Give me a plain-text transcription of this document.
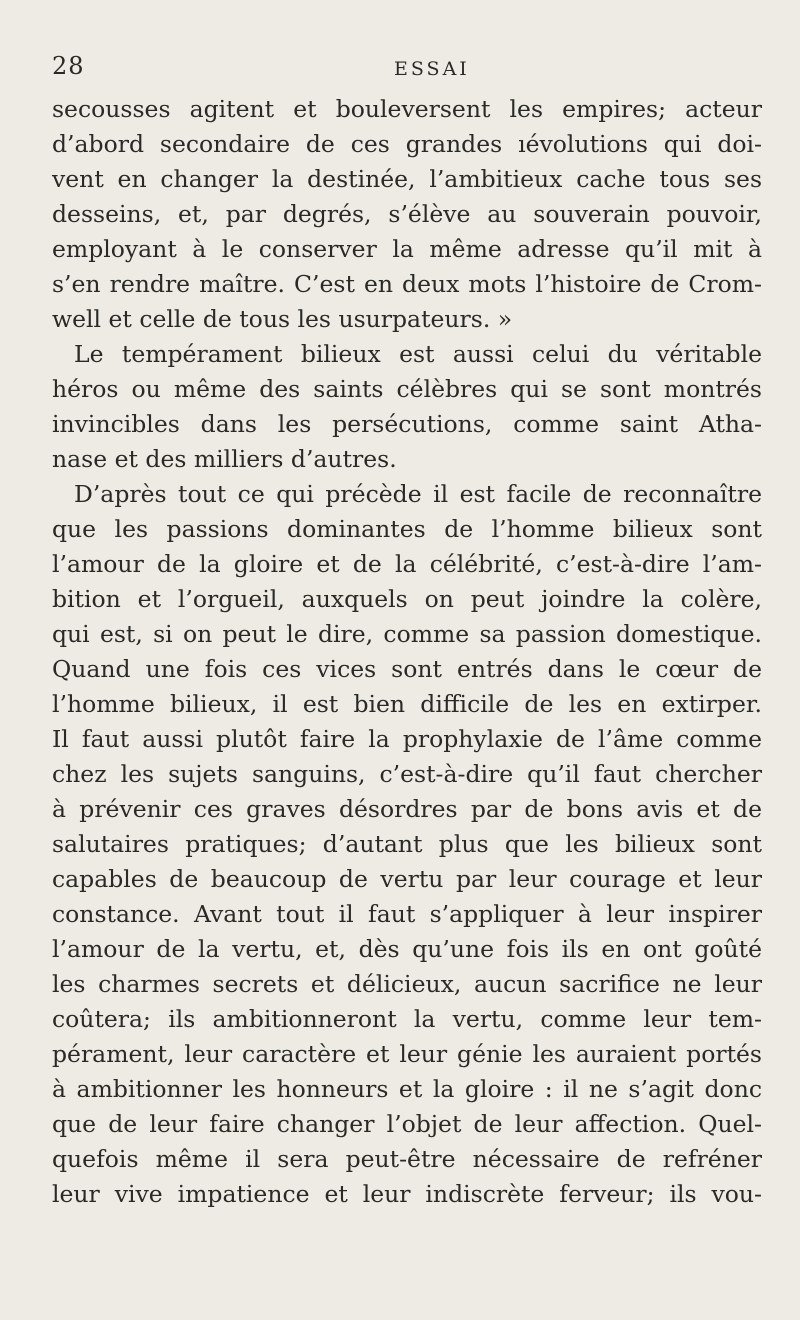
28	ESSAI
secousses agitent et bouleversent les empires; acteur
d’abord secondaire de ces grandes ıévolutions qui doi-
vent en changer la destinée, l’ambitieux cache tous ses
desseins, et, par degrés, s’élève au souverain pouvoir,
employant à le conserver la même adresse qu’il mit à
s’en rendre maître. C’est en deux mots l’histoire de Crom-
well et celle de tous les usurpateurs. »
Le tempérament bilieux est aussi celui du véritable
héros ou même des saints célèbres qui se sont montrés
invincibles dans les persécutions, comme saint Atha-
nase et des milliers d’autres.
D’après tout ce qui précède il est facile de reconnaître
que les passions dominantes de l’homme bilieux sont
l’amour de la gloire et de la célébrité, c’est-à-dire l’am-
bition et l’orgueil, auxquels on peut joindre la colère,
qui est, si on peut le dire, comme sa passion domestique.
Quand une fois ces vices sont entrés dans le cœur de
l’homme bilieux, il est bien difficile de les en extirper.
Il faut aussi plutôt faire la prophylaxie de l’âme comme
chez les sujets sanguins, c’est-à-dire qu’il faut chercher
à prévenir ces graves désordres par de bons avis et de
salutaires pratiques; d’autant plus que les bilieux sont
capables de beaucoup de vertu par leur courage et leur
constance. Avant tout il faut s’appliquer à leur inspirer
l’amour de la vertu, et, dès qu’une fois ils en ont goûté
les charmes secrets et délicieux, aucun sacrifice ne leur
coûtera; ils ambitionneront la vertu, comme leur tem-
pérament, leur caractère et leur génie les auraient portés
à ambitionner les honneurs et la gloire : il ne s’agit donc
que de leur faire changer l’objet de leur affection. Quel-
quefois même il sera peut-être nécessaire de refréner
leur vive impatience et leur indiscrète ferveur; ils vou-
